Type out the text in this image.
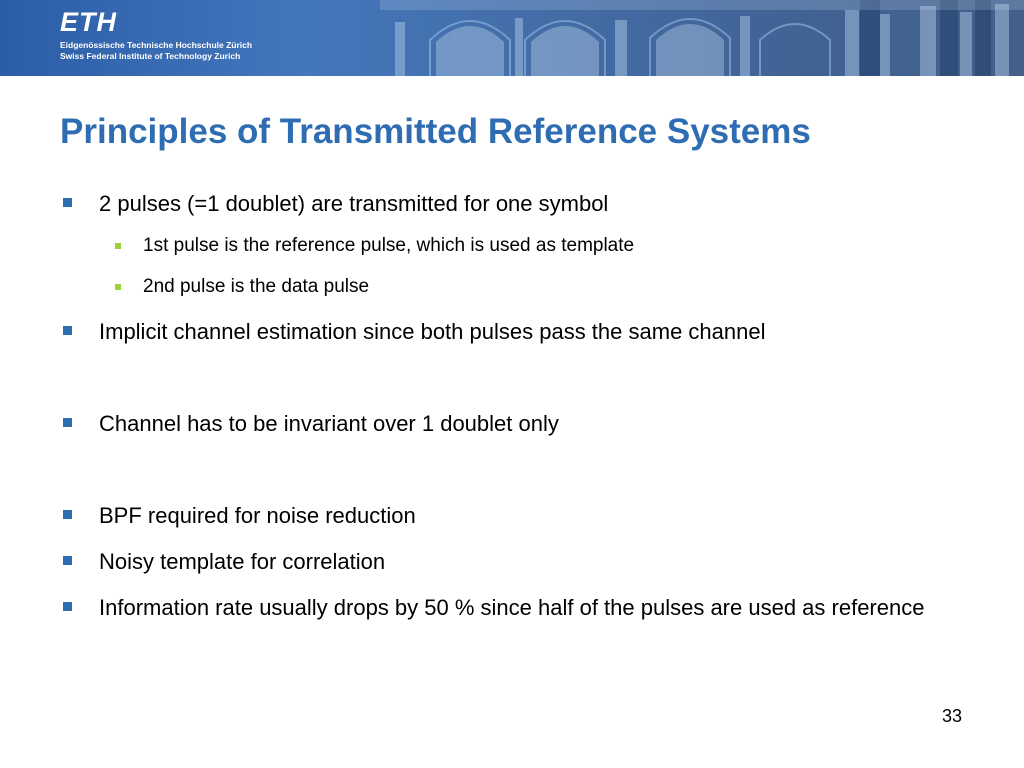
ETH
Eidgenössische Technische Hochschule Zürich
Swiss Federal Institute of Technology Zurich
Principles of Transmitted Reference Systems
2 pulses (=1 doublet) are transmitted for one symbol
1st pulse is the reference pulse, which is used as template
2nd pulse is the data pulse
Implicit channel estimation since both pulses pass the same channel
Channel has to be invariant over 1 doublet only
BPF required for noise reduction
Noisy template for correlation
Information rate usually drops by 50 % since half of the pulses are used as reference
33
